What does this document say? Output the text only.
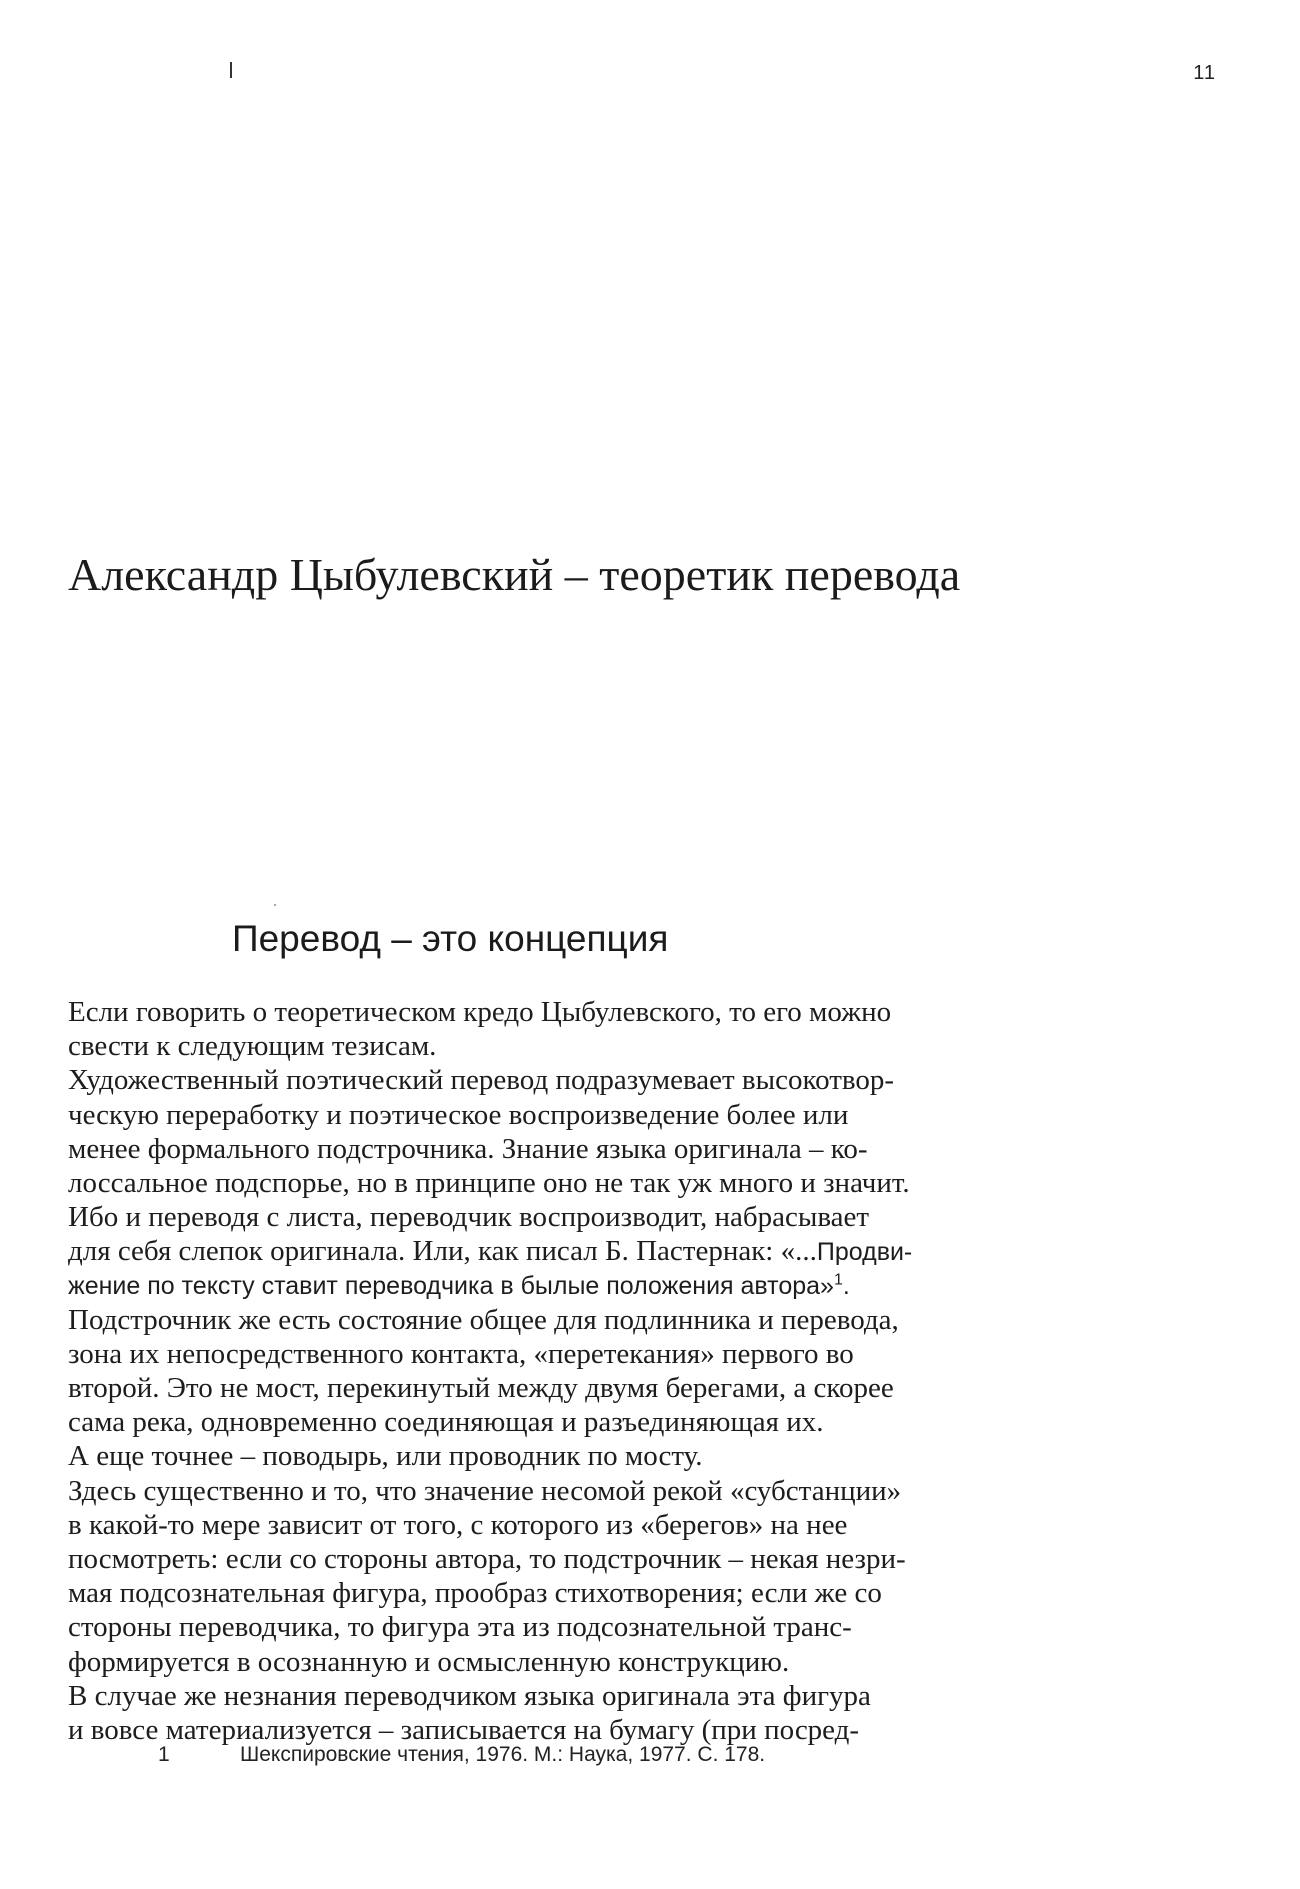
11
Александр Цыбулевский – теоретик перевода
Перевод – это концепция
Если говорить о теоретическом кредо Цыбулевского, то его можно
свести к следующим тезисам.
Художественный поэтический перевод подразумевает высокотвор-
ческую переработку и поэтическое воспроизведение более или
менее формального подстрочника. Знание языка оригинала – ко-
лоссальное подспорье, но в принципе оно не так уж много и значит.
Ибо и переводя с листа, переводчик воспроизводит, набрасывает
для себя слепок оригинала. Или, как писал Б. Пастернак: «...Продви-
жение по тексту ставит переводчика в былые положения автора»$^1$.
Подстрочник же есть состояние общее для подлинника и перевода,
зона их непосредственного контакта, «перетекания» первого во
второй. Это не мост, перекинутый между двумя берегами, а скорее
сама река, одновременно соединяющая и разъединяющая их.
А еще точнее – поводырь, или проводник по мосту.
Здесь существенно и то, что значение несомой рекой «субстанции»
в какой-то мере зависит от того, с которого из «берегов» на нее
посмотреть: если со стороны автора, то подстрочник – некая незри-
мая подсознательная фигура, прообраз стихотворения; если же со
стороны переводчика, то фигура эта из подсознательной транс-
формируется в осознанную и осмысленную конструкцию.
В случае же незнания переводчиком языка оригинала эта фигура
и вовсе материализуется – записывается на бумагу (при посред-
1	Шекспировские чтения, 1976. М.: Наука, 1977. С. 178.
